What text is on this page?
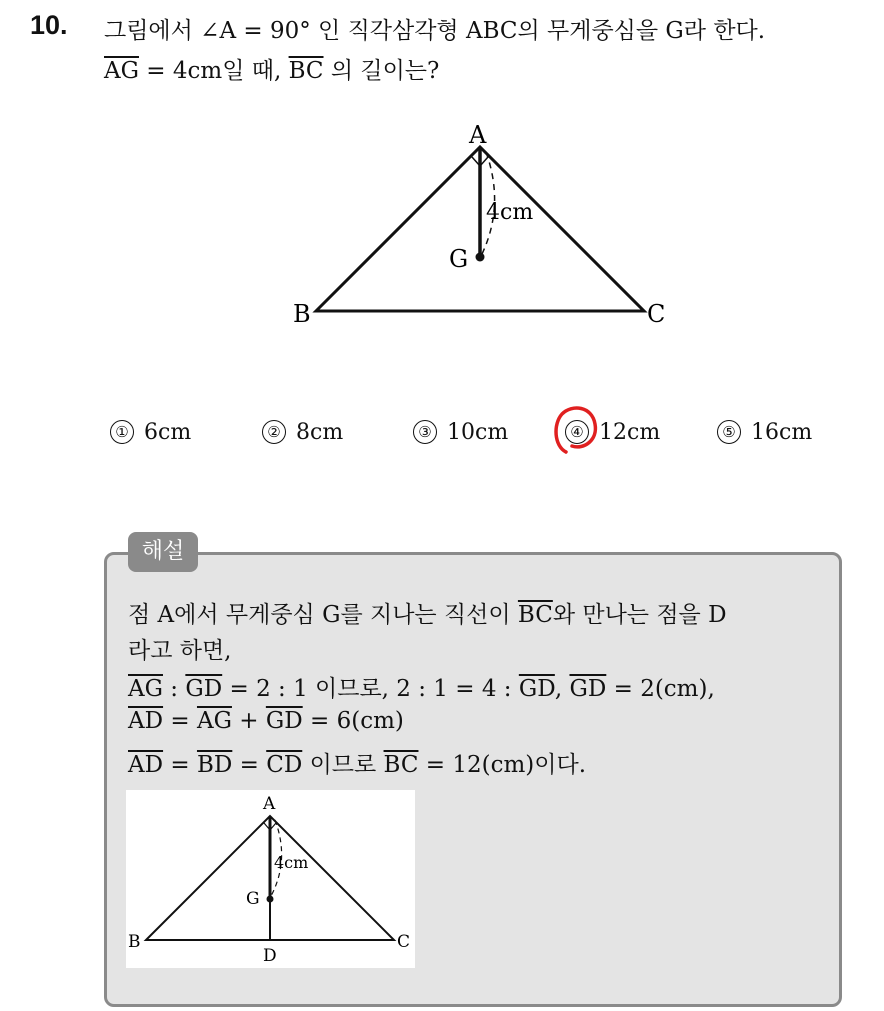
10. 그림에서 ∠A = 90° 인 직각삼각형 ABC의 무게중심을 G라 한다.
$\overline{AG} = 4cm$일 때, $\overline{BC}$ 의 길이는?
A
B	C
G
4cm
① 6cm	② 8cm	③ 10cm	④ 12cm	⑤ 16cm
해설
점 A에서 무게중심 G를 지나는 직선이 $\overline{BC}$와 만나는 점을 D
라고 하면,
$\overline{AG}$ : $\overline{GD} = 2$ : 1 이므로, 2 : 1 = 4 : $\overline{GD}$, $\overline{GD} = 2(cm)$,
$\overline{AD} = \overline{AG} + \overline{GD} = 6(cm)$
$\overline{AD} = \overline{BD} = \overline{CD}$ 이므로 $\overline{BC} = 12(cm)$이다.
A
B	C
G
D
4cm
